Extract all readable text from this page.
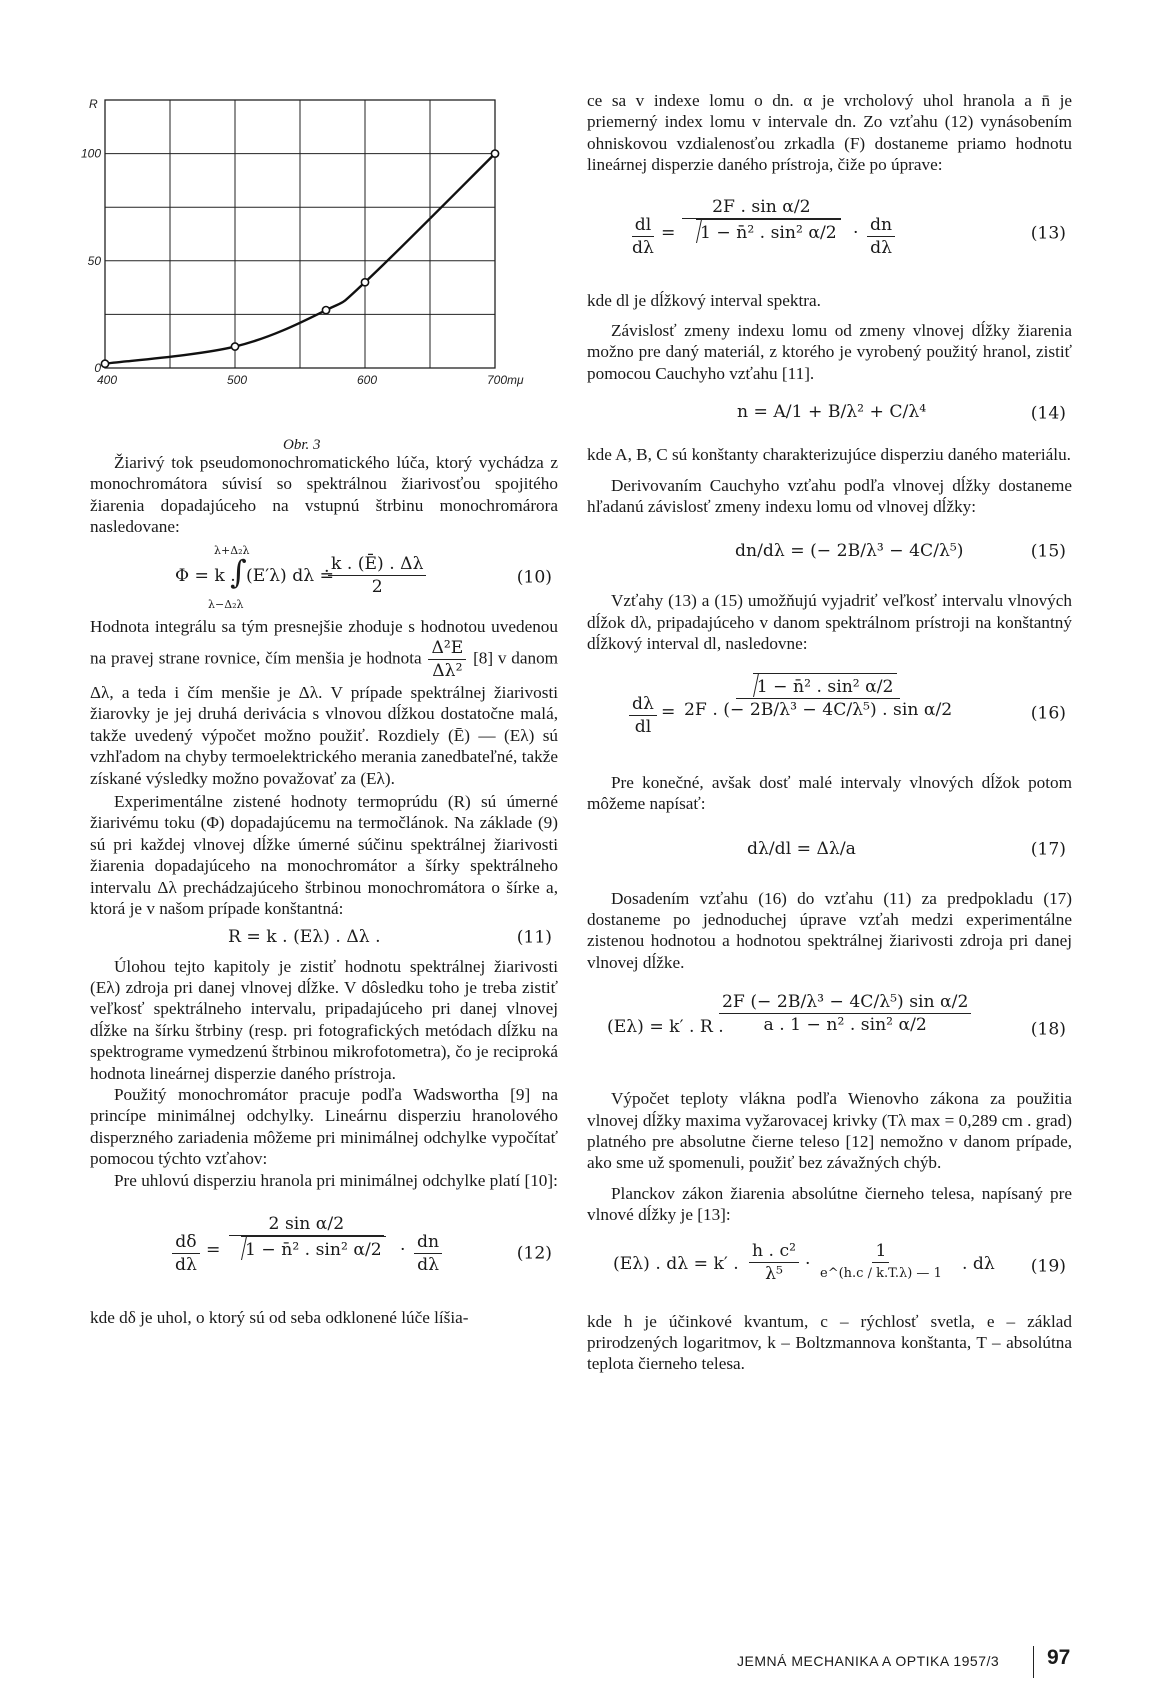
400	500	600	700mμ
0
50
100
R
Obr. 3

Žiarivý tok pseudomonochromatického lúča, ktorý vychádza z monochromátora súvisí so spektrálnou žiarivosťou spojitého žiarenia dopadajúceho na vstupnú štrbinu monochromárora nasledovane:

Φ = k .
λ+Δ₂λ
∫
λ−Δ₂λ
(E′λ) dλ ≐
$\frac{k . (Ē) . \Delta\lambda}{2}$	(10)

Hodnota integrálu sa tým presnejšie zhoduje s hodnotou uvedenou na pravej strane rovnice, čím menšia je hodnota $\frac{\text{Δ²E}}{\text{Δλ²}} [8]$ v danom Δλ, a teda i čím menšie je Δλ. V prípade spektrálnej žiarivosti žiarovky je jej druhá derivácia s vlnovou dĺžkou dostatočne malá, takže uvedený výpočet možno použiť. Rozdiely (Ē) — (Eλ) sú vzhľadom na chyby termoelektrického merania zanedbateľné, takže získané výsledky možno považovať za (Eλ).

Experimentálne zistené hodnoty termoprúdu (R) sú úmerné žiarivému toku (Φ) dopadajúcemu na termočlánok. Na základe (9) sú pri každej vlnovej dĺžke úmerné súčinu spektrálnej žiarivosti žiarenia dopadajúceho na monochromátor a šírky spektrálneho intervalu Δλ prechádzajúceho štrbinou monochromátora o šírke a, ktorá je v našom prípade konštantná:

R = k . (Eλ) . Δλ .	(11)

Úlohou tejto kapitoly je zistiť hodnotu spektrálnej žiarivosti (Eλ) zdroja pri danej vlnovej dĺžke. V dôsledku toho je treba zistiť veľkosť spektrálneho intervalu, pripadajúceho pri danej vlnovej dĺžke na šírku štrbiny (resp. pri fotografických metódach dĺžku na spektrograme vymedzenú štrbinou mikrofotometra), čo je reciproká hodnota lineárnej disperzie daného prístroja.

Použitý monochromátor pracuje podľa Wadswortha [9] na princípe minimálnej odchylky. Lineárnu disperziu hranolového disperzného zariadenia môžeme pri minimálnej odchylke vypočítať pomocou týchto vzťahov:

Pre uhlovú disperziu hranola pri minimálnej odchylke platí [10]:

$\frac{d\delta}{d\lambda} = \frac{\text{2 sin α/2}}{\text{1 − n̄² . sin² α/2}} \cdot \frac{dn}{d\lambda}$	(12)

kde dδ je uhol, o ktorý sú od seba odklonené lúče líšia-

ce sa v indexe lomu o dn. α je vrcholový uhol hranola a n̄ je priemerný index lomu v intervale dn. Zo vzťahu (12) vynásobením ohniskovou vzdialenosťou zrkadla (F) dostaneme priamo hodnotu lineárnej disperzie daného prístroja, čiže po úprave:

$\frac{dl}{d\lambda} = \frac{\text{2F . sin α/2}}{\text{1 − n̄² . sin² α/2}} \cdot \frac{dn}{d\lambda}$	(13)

kde dl je dĺžkový interval spektra.

Závislosť zmeny indexu lomu od zmeny vlnovej dĺžky žiarenia možno pre daný materiál, z ktorého je vyrobený použitý hranol, zistiť pomocou Cauchyho vzťahu [11].

n = A/1 + B/λ² + C/λ⁴	(14)

kde A, B, C sú konštanty charakterizujúce disperziu daného materiálu.

Derivovaním Cauchyho vzťahu podľa vlnovej dĺžky dostaneme hľadanú závislosť zmeny indexu lomu od vlnovej dĺžky:

dn/dλ = (− 2B/λ³ − 4C/λ⁵)	(15)

Vzťahy (13) a (15) umožňujú vyjadriť veľkosť intervalu vlnových dĺžok dλ, pripadajúceho v danom spektrálnom prístroji na konštantný dĺžkový interval dl, nasledovne:

$\frac{d\lambda}{dl} = \frac{\text{1 − n̄² . sin² α/2}}{\text{2F . (− 2B/λ³ − 4C/λ⁵) . sin α/2}}$	(16)

Pre konečné, avšak dosť malé intervaly vlnových dĺžok potom môžeme napísať:

dλ/dl = Δλ/a	(17)

Dosadením vzťahu (16) do vzťahu (11) za predpokladu (17) dostaneme po jednoduchej úprave vzťah medzi experimentálne zistenou hodnotou a hodnotou spektrálnej žiarivosti zdroja pri danej vlnovej dĺžke.

(Eλ) = k′ . R .
$\frac{\text{2F (− 2B/λ³ − 4C/λ⁵) sin α/2}}{\text{a . 1 − n² . sin² α/2}}$	(18)

Výpočet teploty vlákna podľa Wienovho zákona za použitia vlnovej dĺžky maxima vyžarovacej krivky (Tλ max = 0,289 cm . grad) platného pre absolutne čierne teleso [12] nemožno v danom prípade, ako sme už spomenuli, použiť bez závažných chýb.

Planckov zákon žiarenia absolútne čierneho telesa, napísaný pre vlnové dĺžky je [13]:

(Eλ) . dλ = k′ . $\frac{\text{h . c²}}{\text{λ⁵}}$ ·
1
e^(h.c / k.T.λ) — 1 . dλ (19)

kde h je účinkové kvantum, c – rýchlosť svetla, e – základ prirodzených logaritmov, k – Boltzmannova konštanta, T – absolútna teplota čierneho telesa.

JEMNÁ MECHANIKA A OPTIKA 1957/3 97
